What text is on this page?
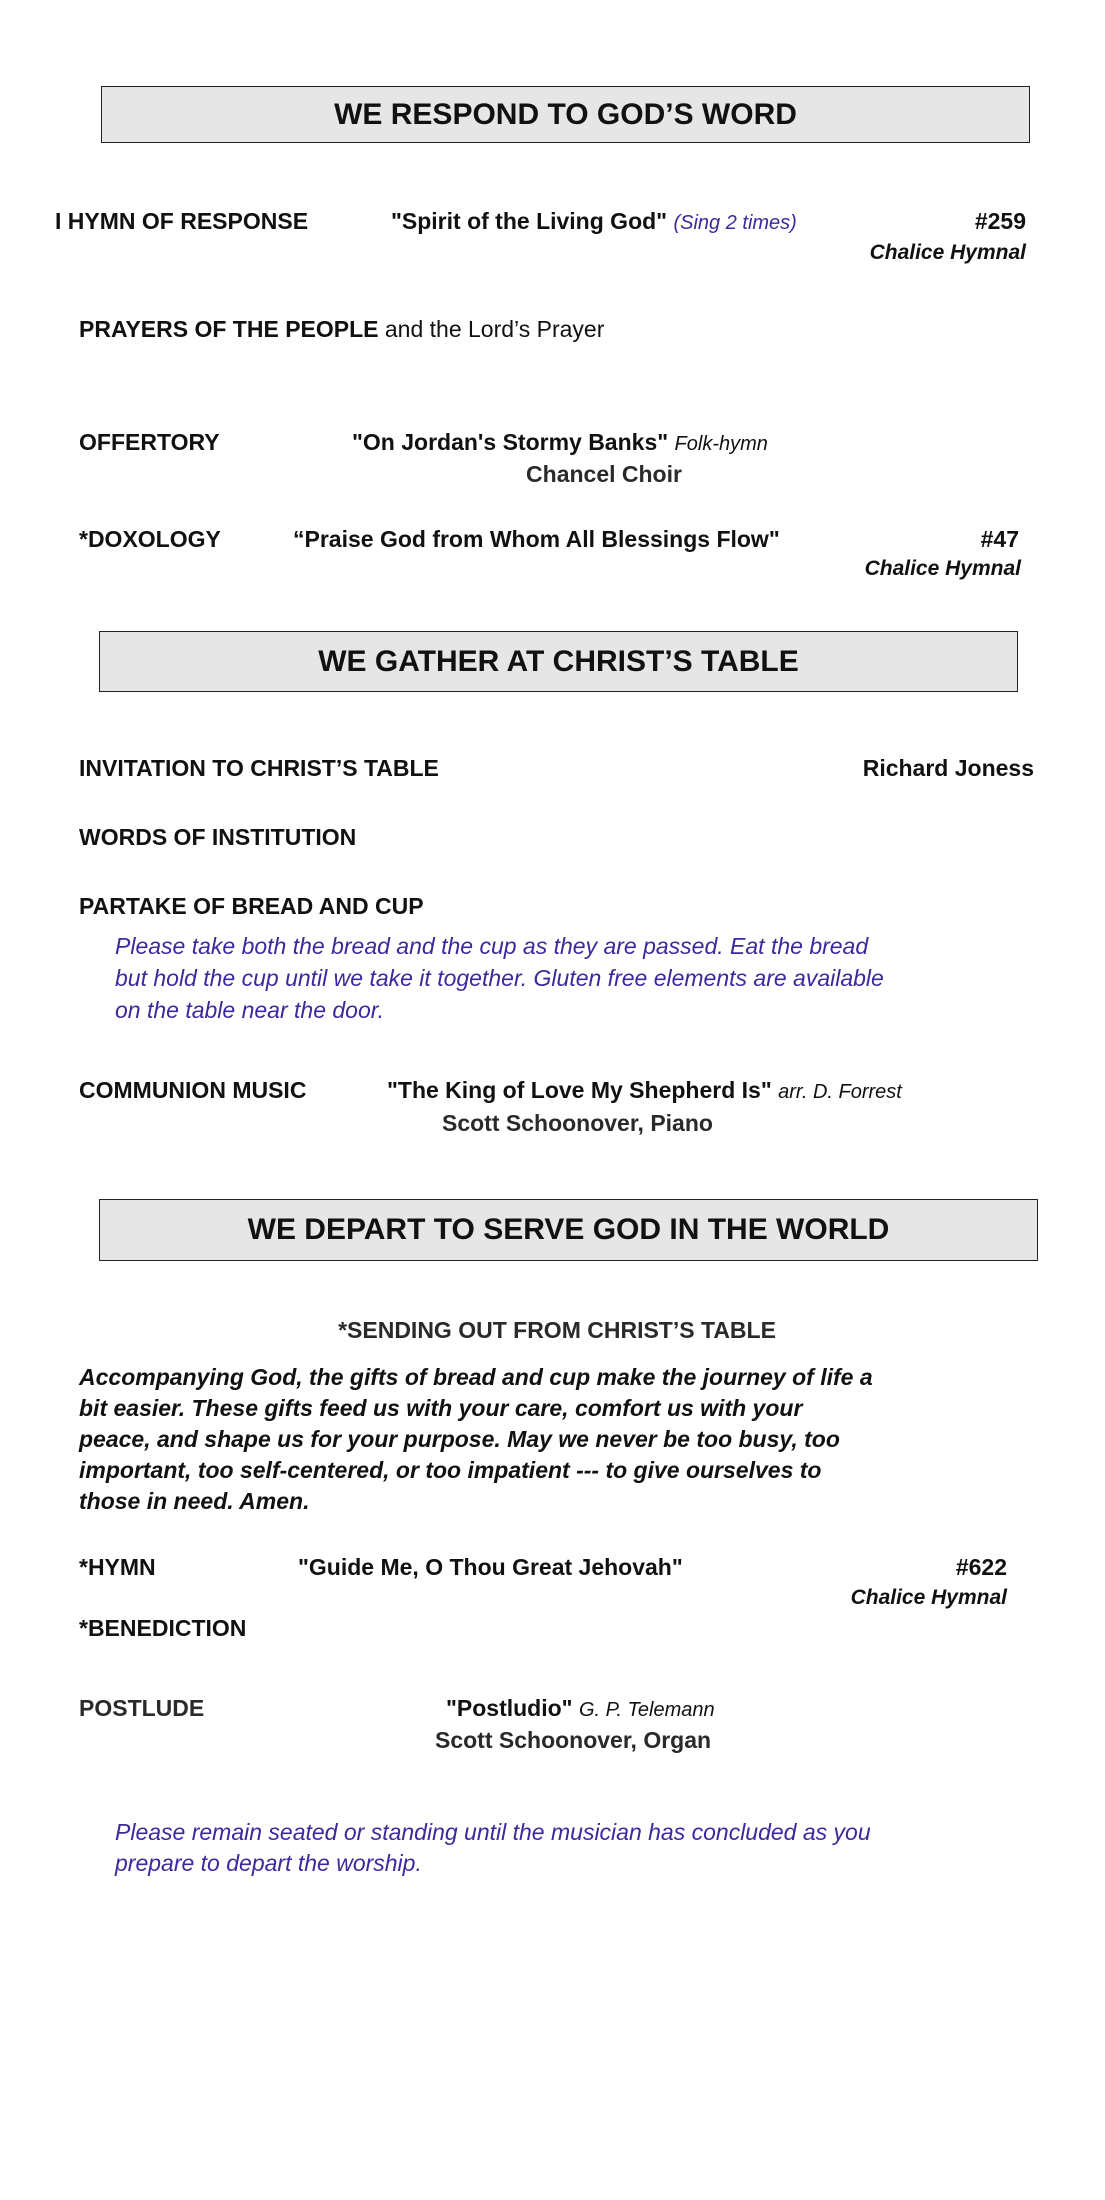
WE RESPOND TO GOD’S WORD
I HYMN OF RESPONSE	"Spirit of the Living God" (Sing 2 times)	#259
Chalice Hymnal
PRAYERS OF THE PEOPLE and the Lord’s Prayer
OFFERTORY	"On Jordan's Stormy Banks" Folk-hymn
Chancel Choir
*DOXOLOGY	“Praise God from Whom All Blessings Flow"	#47
Chalice Hymnal
WE GATHER AT CHRIST’S TABLE
INVITATION TO CHRIST’S TABLE	Richard Joness
WORDS OF INSTITUTION
PARTAKE OF BREAD AND CUP
Please take both the bread and the cup as they are passed. Eat the bread
but hold the cup until we take it together. Gluten free elements are available
on the table near the door.
COMMUNION MUSIC	"The King of Love My Shepherd Is" arr. D. Forrest
Scott Schoonover, Piano
WE DEPART TO SERVE GOD IN THE WORLD
*SENDING OUT FROM CHRIST’S TABLE
Accompanying God, the gifts of bread and cup make the journey of life a
bit easier. These gifts feed us with your care, comfort us with your
peace, and shape us for your purpose. May we never be too busy, too
important, too self-centered, or too impatient --- to give ourselves to
those in need. Amen.
*HYMN	"Guide Me, O Thou Great Jehovah"	#622
Chalice Hymnal
*BENEDICTION
POSTLUDE	"Postludio" G. P. Telemann
Scott Schoonover, Organ
Please remain seated or standing until the musician has concluded as you
prepare to depart the worship.
